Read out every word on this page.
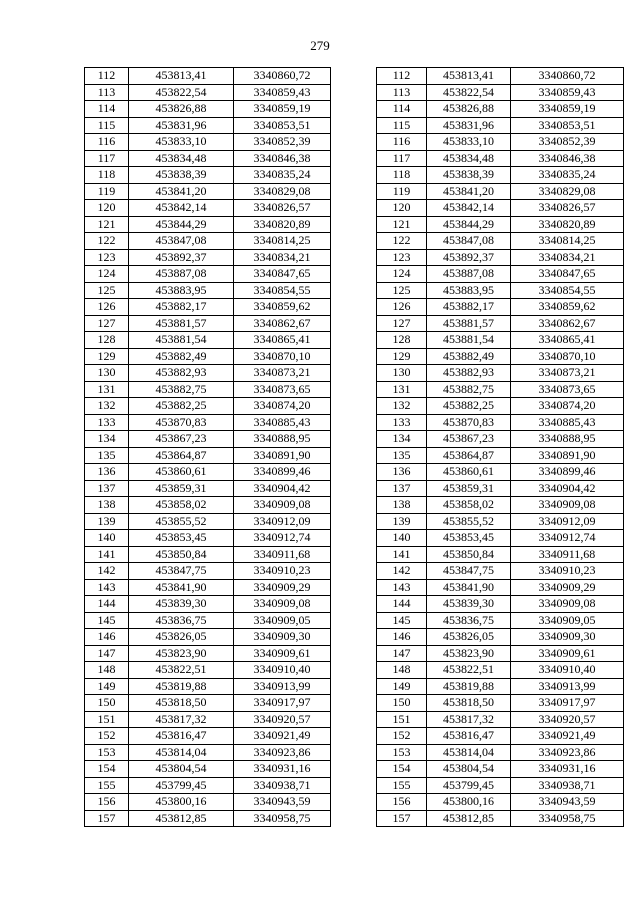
279
112	453813,41	3340860,72
113	453822,54	3340859,43
114	453826,88	3340859,19
115	453831,96	3340853,51
116	453833,10	3340852,39
117	453834,48	3340846,38
118	453838,39	3340835,24
119	453841,20	3340829,08
120	453842,14	3340826,57
121	453844,29	3340820,89
122	453847,08	3340814,25
123	453892,37	3340834,21
124	453887,08	3340847,65
125	453883,95	3340854,55
126	453882,17	3340859,62
127	453881,57	3340862,67
128	453881,54	3340865,41
129	453882,49	3340870,10
130	453882,93	3340873,21
131	453882,75	3340873,65
132	453882,25	3340874,20
133	453870,83	3340885,43
134	453867,23	3340888,95
135	453864,87	3340891,90
136	453860,61	3340899,46
137	453859,31	3340904,42
138	453858,02	3340909,08
139	453855,52	3340912,09
140	453853,45	3340912,74
141	453850,84	3340911,68
142	453847,75	3340910,23
143	453841,90	3340909,29
144	453839,30	3340909,08
145	453836,75	3340909,05
146	453826,05	3340909,30
147	453823,90	3340909,61
148	453822,51	3340910,40
149	453819,88	3340913,99
150	453818,50	3340917,97
151	453817,32	3340920,57
152	453816,47	3340921,49
153	453814,04	3340923,86
154	453804,54	3340931,16
155	453799,45	3340938,71
156	453800,16	3340943,59
157	453812,85	3340958,75
112	453813,41	3340860,72
113	453822,54	3340859,43
114	453826,88	3340859,19
115	453831,96	3340853,51
116	453833,10	3340852,39
117	453834,48	3340846,38
118	453838,39	3340835,24
119	453841,20	3340829,08
120	453842,14	3340826,57
121	453844,29	3340820,89
122	453847,08	3340814,25
123	453892,37	3340834,21
124	453887,08	3340847,65
125	453883,95	3340854,55
126	453882,17	3340859,62
127	453881,57	3340862,67
128	453881,54	3340865,41
129	453882,49	3340870,10
130	453882,93	3340873,21
131	453882,75	3340873,65
132	453882,25	3340874,20
133	453870,83	3340885,43
134	453867,23	3340888,95
135	453864,87	3340891,90
136	453860,61	3340899,46
137	453859,31	3340904,42
138	453858,02	3340909,08
139	453855,52	3340912,09
140	453853,45	3340912,74
141	453850,84	3340911,68
142	453847,75	3340910,23
143	453841,90	3340909,29
144	453839,30	3340909,08
145	453836,75	3340909,05
146	453826,05	3340909,30
147	453823,90	3340909,61
148	453822,51	3340910,40
149	453819,88	3340913,99
150	453818,50	3340917,97
151	453817,32	3340920,57
152	453816,47	3340921,49
153	453814,04	3340923,86
154	453804,54	3340931,16
155	453799,45	3340938,71
156	453800,16	3340943,59
157	453812,85	3340958,75
